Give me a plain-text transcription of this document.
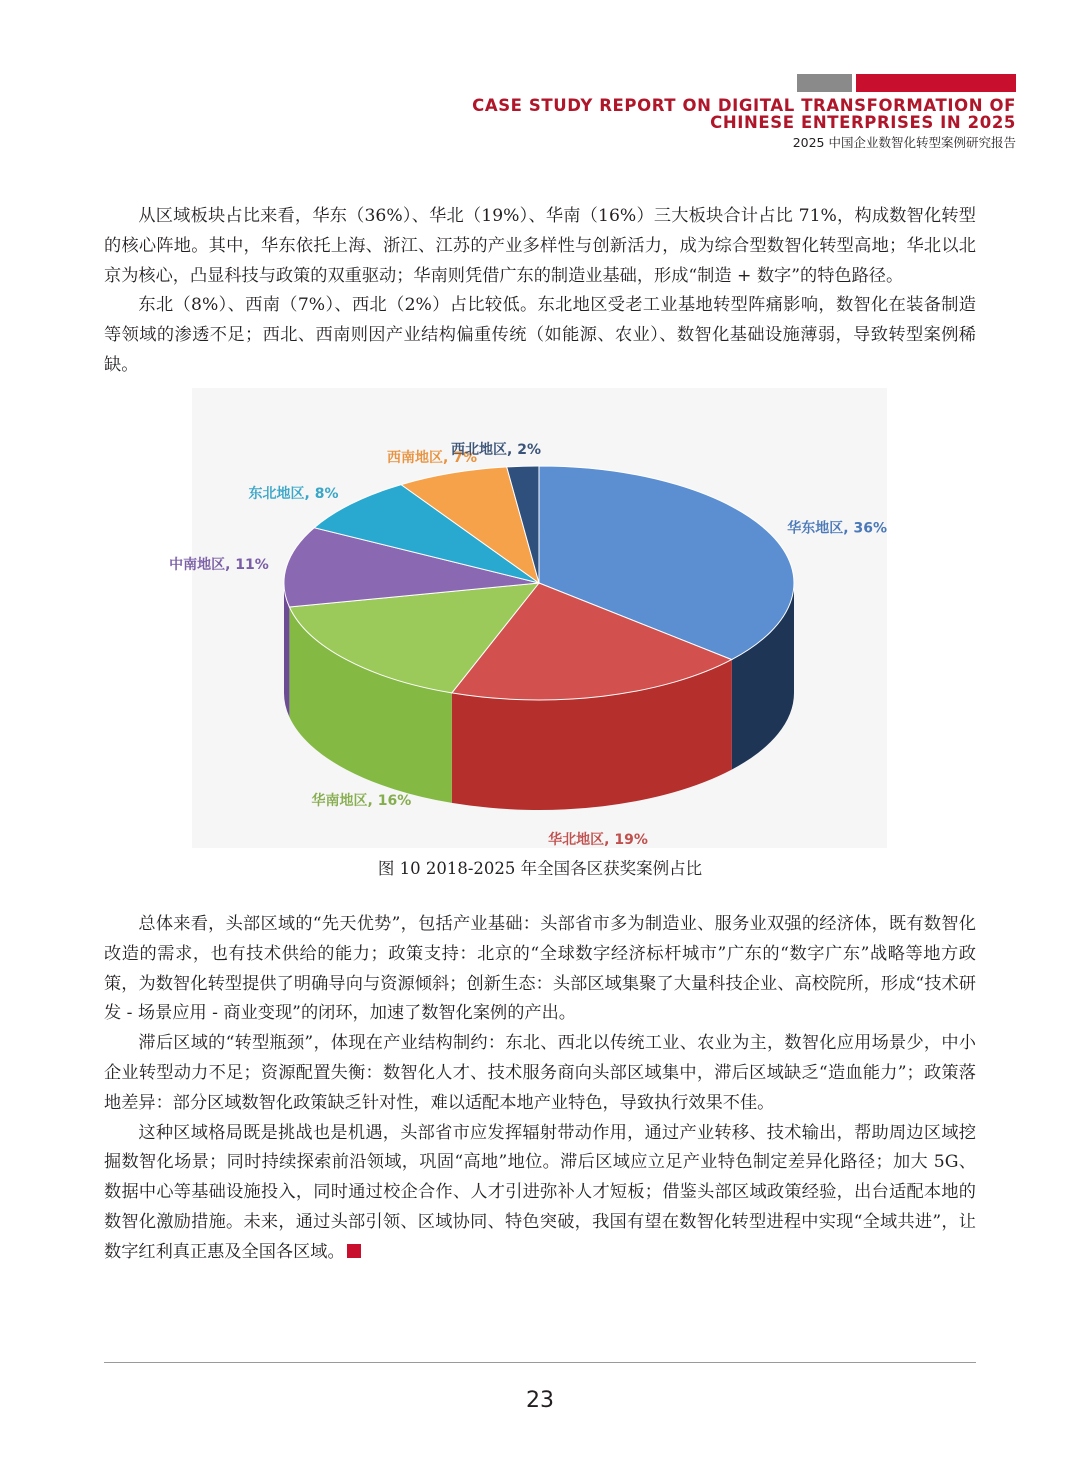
CASE STUDY REPORT ON DIGITAL TRANSFORMATION OF
CHINESE ENTERPRISES IN 2025
2025 中国企业数智化转型案例研究报告

从区域板块占比来看，华东（36%）、华北（19%）、华南（16%）三大板块合计占比 71%，构成数智化转型的核心阵地。其中，华东依托上海、浙江、江苏的产业多样性与创新活力，成为综合型数智化转型高地；华北以北京为核心，凸显科技与政策的双重驱动；华南则凭借广东的制造业基础，形成“制造 + 数字”的特色路径。

东北（8%）、西南（7%）、西北（2%）占比较低。东北地区受老工业基地转型阵痛影响，数智化在装备制造等领域的渗透不足；西北、西南则因产业结构偏重传统（如能源、农业）、数智化基础设施薄弱，导致转型案例稀缺。

华东地区, 36%
华北地区, 19%
华南地区, 16%
中南地区, 11%
东北地区, 8%
西南地区, 7%
西北地区, 2%
图 10 2018-2025 年全国各区获奖案例占比

总体来看，头部区域的“先天优势”，包括产业基础：头部省市多为制造业、服务业双强的经济体，既有数智化改造的需求，也有技术供给的能力；政策支持：北京的“全球数字经济标杆城市”广东的“数字广东”战略等地方政策，为数智化转型提供了明确导向与资源倾斜；创新生态：头部区域集聚了大量科技企业、高校院所，形成“技术研发 - 场景应用 - 商业变现”的闭环，加速了数智化案例的产出。

滞后区域的“转型瓶颈”，体现在产业结构制约：东北、西北以传统工业、农业为主，数智化应用场景少，中小企业转型动力不足；资源配置失衡：数智化人才、技术服务商向头部区域集中，滞后区域缺乏“造血能力”；政策落地差异：部分区域数智化政策缺乏针对性，难以适配本地产业特色，导致执行效果不佳。

这种区域格局既是挑战也是机遇，头部省市应发挥辐射带动作用，通过产业转移、技术输出，帮助周边区域挖掘数智化场景；同时持续探索前沿领域，巩固“高地”地位。滞后区域应立足产业特色制定差异化路径；加大 5G、数据中心等基础设施投入，同时通过校企合作、人才引进弥补人才短板；借鉴头部区域政策经验，出台适配本地的数智化激励措施。未来，通过头部引领、区域协同、特色突破，我国有望在数智化转型进程中实现“全域共进”，让数字红利真正惠及全国各区域。

23
